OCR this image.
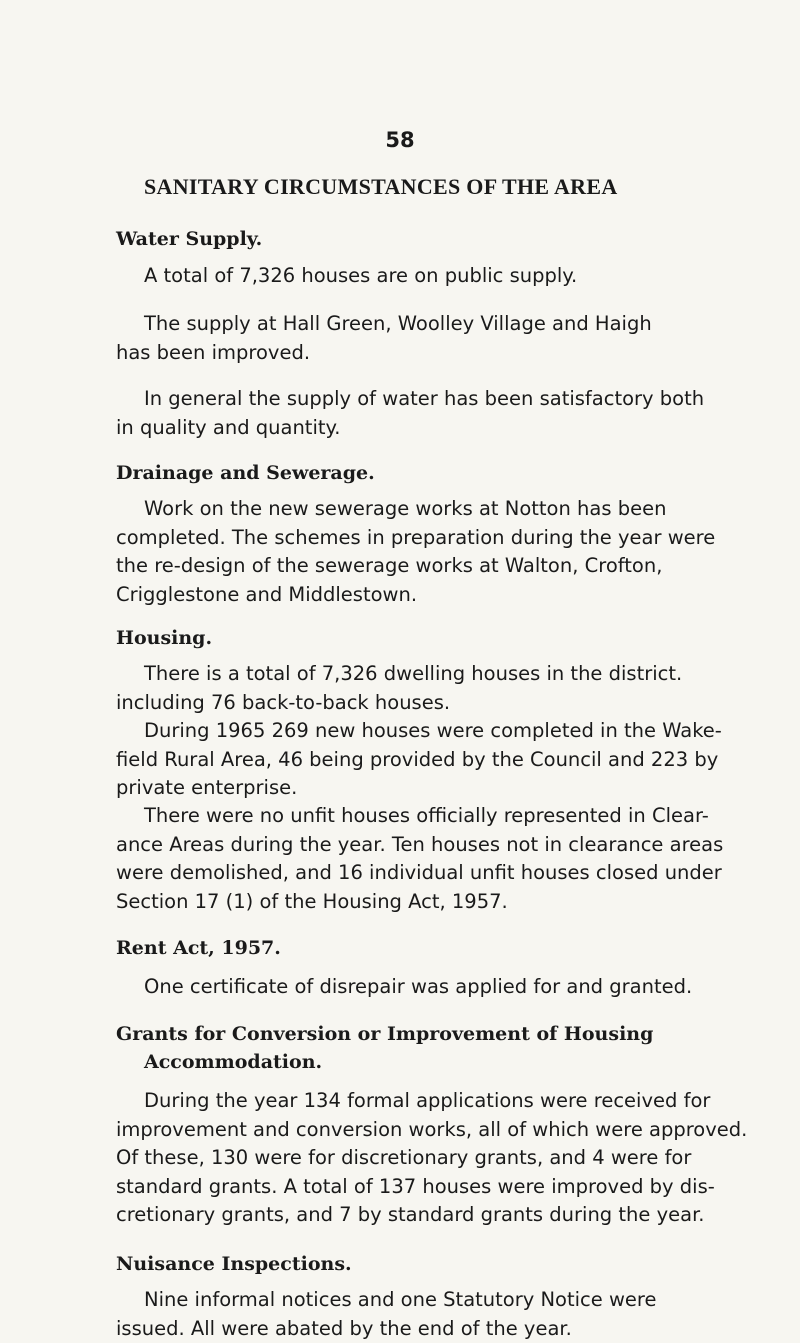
58
SANITARY CIRCUMSTANCES OF THE AREA
Water Supply.
A total of 7,326 houses are on public supply.
The supply at Hall Green, Woolley Village and Haigh
has been improved.
In general the supply of water has been satisfactory both
in quality and quantity.
Drainage and Sewerage.
Work on the new sewerage works at Notton has been
completed. The schemes in preparation during the year were
the re-design of the sewerage works at Walton, Crofton,
Crigglestone and Middlestown.
Housing.
There is a total of 7,326 dwelling houses in the district.
including 76 back-to-back houses.
During 1965 269 new houses were completed in the Wake-
field Rural Area, 46 being provided by the Council and 223 by
private enterprise.
There were no unfit houses officially represented in Clear-
ance Areas during the year. Ten houses not in clearance areas
were demolished, and 16 individual unfit houses closed under
Section 17 (1) of the Housing Act, 1957.
Rent Act, 1957.
One certificate of disrepair was applied for and granted.
Grants for Conversion or Improvement of Housing
Accommodation.
During the year 134 formal applications were received for
improvement and conversion works, all of which were approved.
Of these, 130 were for discretionary grants, and 4 were for
standard grants. A total of 137 houses were improved by dis-
cretionary grants, and 7 by standard grants during the year.
Nuisance Inspections.
Nine informal notices and one Statutory Notice were
issued. All were abated by the end of the year.
